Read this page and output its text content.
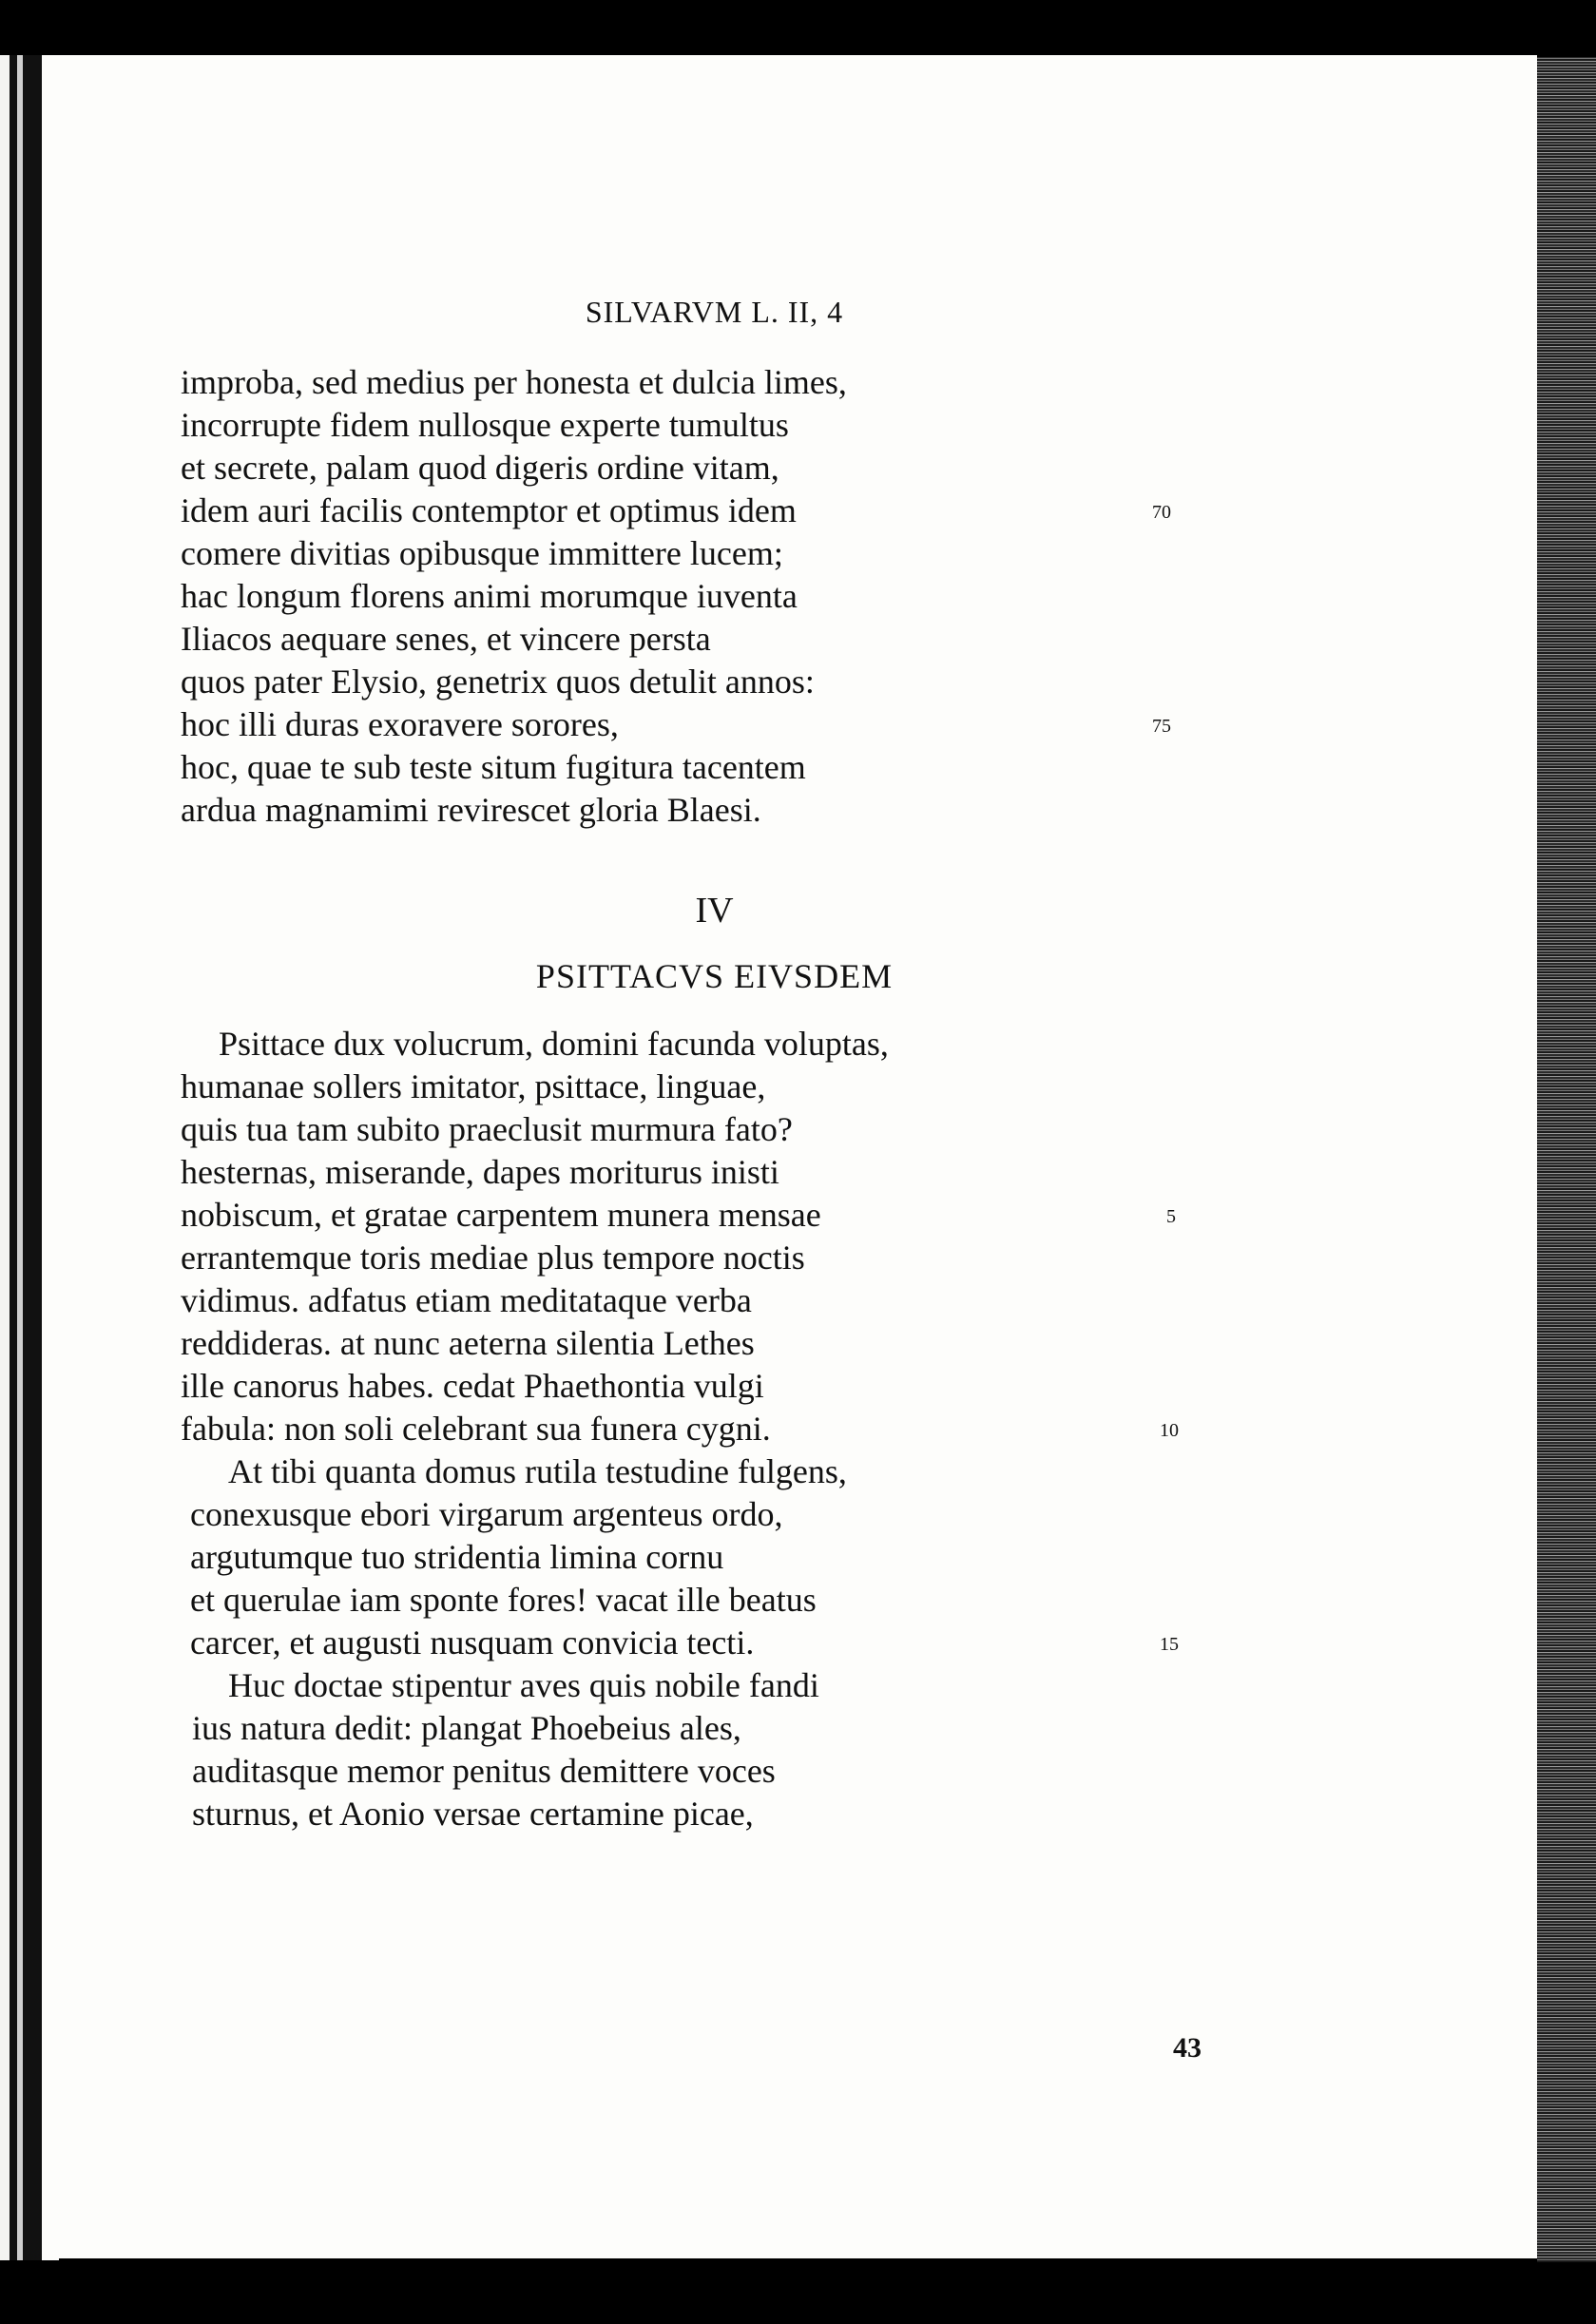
SILVARVM L. II, 4
improba, sed medius per honesta et dulcia limes,
incorrupte fidem nullosque experte tumultus
et secrete, palam quod digeris ordine vitam,
idem auri facilis contemptor et optimus idem
comere divitias opibusque immittere lucem;
hac longum florens animi morumque iuventa
Iliacos aequare senes, et vincere persta
quos pater Elysio, genetrix quos detulit annos:
hoc illi duras exoravere sorores,
hoc, quae te sub teste situm fugitura tacentem
ardua magnamimi revirescet gloria Blaesi.
70
75
IV
PSITTACVS EIVSDEM
Psittace dux volucrum, domini facunda voluptas,
humanae sollers imitator, psittace, linguae,
quis tua tam subito praeclusit murmura fato?
hesternas, miserande, dapes moriturus inisti
nobiscum, et gratae carpentem munera mensae
errantemque toris mediae plus tempore noctis
vidimus. adfatus etiam meditataque verba
reddideras. at nunc aeterna silentia Lethes
ille canorus habes. cedat Phaethontia vulgi
fabula: non soli celebrant sua funera cygni.
At tibi quanta domus rutila testudine fulgens,
conexusque ebori virgarum argenteus ordo,
argutumque tuo stridentia limina cornu
et querulae iam sponte fores! vacat ille beatus
carcer, et augusti nusquam convicia tecti.
Huc doctae stipentur aves quis nobile fandi
ius natura dedit: plangat Phoebeius ales,
auditasque memor penitus demittere voces
sturnus, et Aonio versae certamine picae,
5
10
15
43
